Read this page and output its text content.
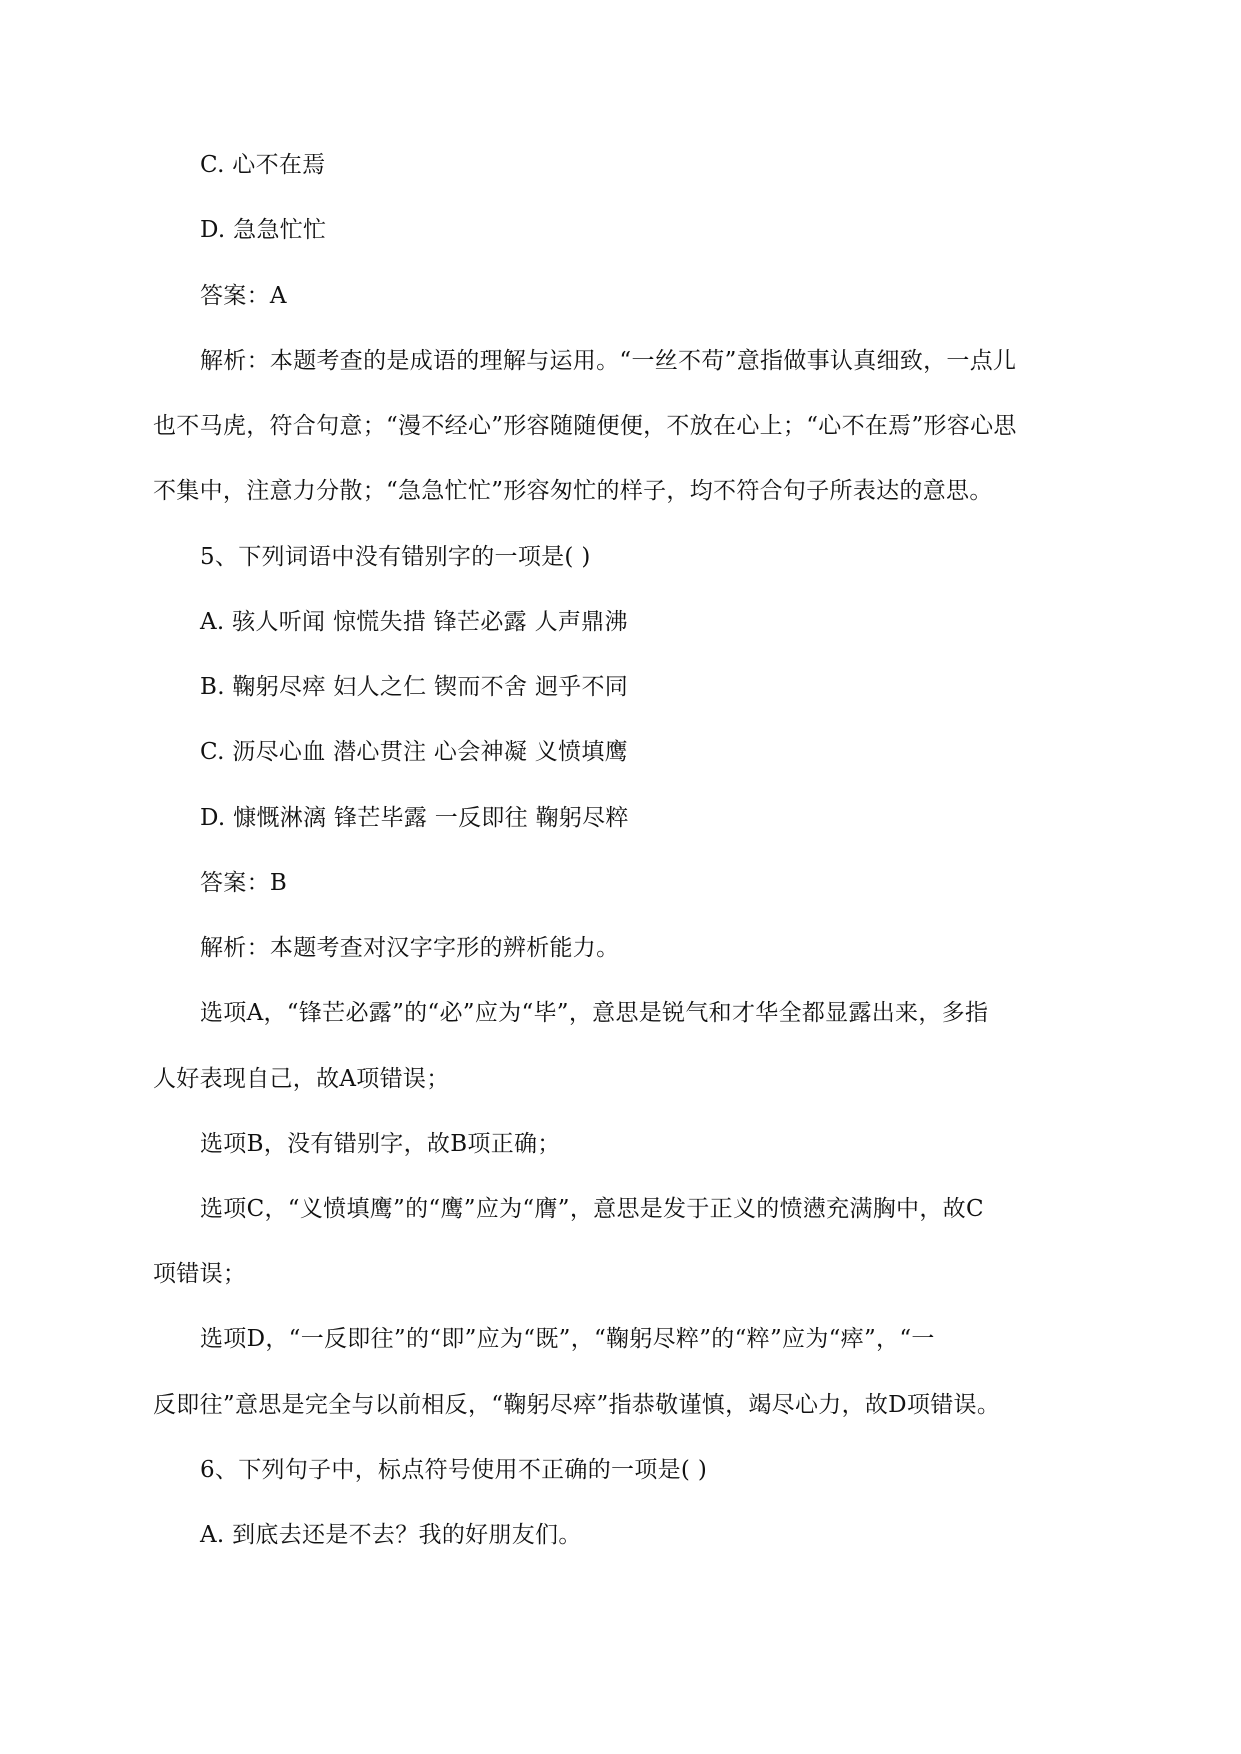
C. 心不在焉
D. 急急忙忙
答案：A
解析：本题考查的是成语的理解与运用。“一丝不苟”意指做事认真细致，一点儿
也不马虎，符合句意；“漫不经心”形容随随便便，不放在心上；“心不在焉”形容心思
不集中，注意力分散；“急急忙忙”形容匆忙的样子，均不符合句子所表达的意思。
5、下列词语中没有错别字的一项是( )
A. 骇人听闻 惊慌失措 锋芒必露 人声鼎沸
B. 鞠躬尽瘁 妇人之仁 锲而不舍 迥乎不同
C. 沥尽心血 潜心贯注 心会神凝 义愤填鹰
D. 慷慨淋漓 锋芒毕露 一反即往 鞠躬尽粹
答案：B
解析：本题考查对汉字字形的辨析能力。
选项A，“锋芒必露”的“必”应为“毕”，意思是锐气和才华全都显露出来，多指
人好表现自己，故A项错误；
选项B，没有错别字，故B项正确；
选项C，“义愤填鹰”的“鹰”应为“膺”，意思是发于正义的愤懑充满胸中，故C
项错误；
选项D，“一反即往”的“即”应为“既”，“鞠躬尽粹”的“粹”应为“瘁”，“一
反即往”意思是完全与以前相反，“鞠躬尽瘁”指恭敬谨慎，竭尽心力，故D项错误。
6、下列句子中，标点符号使用不正确的一项是( )
A. 到底去还是不去？我的好朋友们。
